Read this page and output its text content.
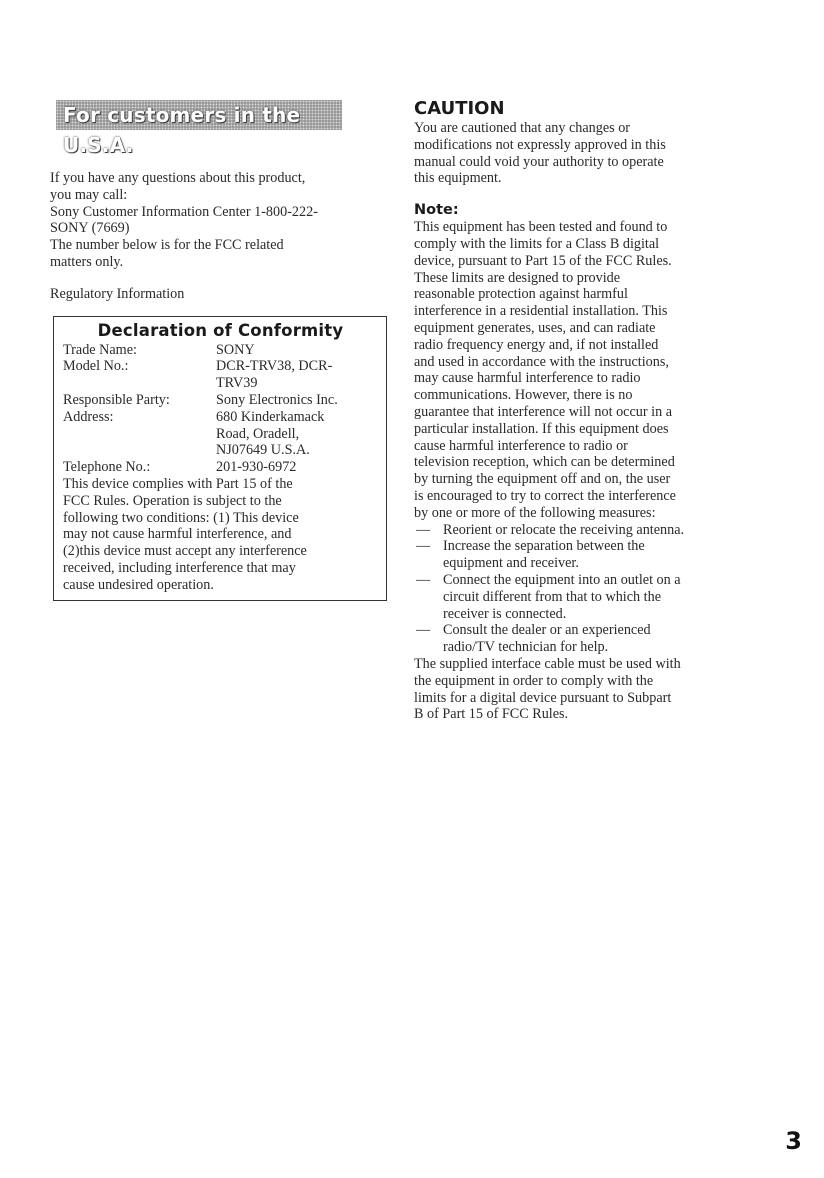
For customers in the U.S.A.

If you have any questions about this product,
you may call:
Sony Customer Information Center 1-800-222-
SONY (7669)
The number below is for the FCC related
matters only.

Regulatory Information

Declaration of Conformity
Trade Name:	SONY
Model No.:	DCR-TRV38, DCR-
TRV39
Responsible Party:	Sony Electronics Inc.
Address:	680 Kinderkamack
Road, Oradell,
NJ07649 U.S.A.
Telephone No.:	201-930-6972

This device complies with Part 15 of the
FCC Rules. Operation is subject to the
following two conditions: (1) This device
may not cause harmful interference, and
(2)this device must accept any interference
received, including interference that may
cause undesired operation.

CAUTION

You are cautioned that any changes or
modifications not expressly approved in this
manual could void your authority to operate
this equipment.

Note:

This equipment has been tested and found to
comply with the limits for a Class B digital
device, pursuant to Part 15 of the FCC Rules.
These limits are designed to provide
reasonable protection against harmful
interference in a residential installation. This
equipment generates, uses, and can radiate
radio frequency energy and, if not installed
and used in accordance with the instructions,
may cause harmful interference to radio
communications. However, there is no
guarantee that interference will not occur in a
particular installation. If this equipment does
cause harmful interference to radio or
television reception, which can be determined
by turning the equipment off and on, the user
is encouraged to try to correct the interference
by one or more of the following measures:

— Reorient or relocate the receiving antenna.
— Increase the separation between the
equipment and receiver.
— Connect the equipment into an outlet on a
circuit different from that to which the
receiver is connected.
— Consult the dealer or an experienced
radio/TV technician for help.

The supplied interface cable must be used with
the equipment in order to comply with the
limits for a digital device pursuant to Subpart
B of Part 15 of FCC Rules.

3
